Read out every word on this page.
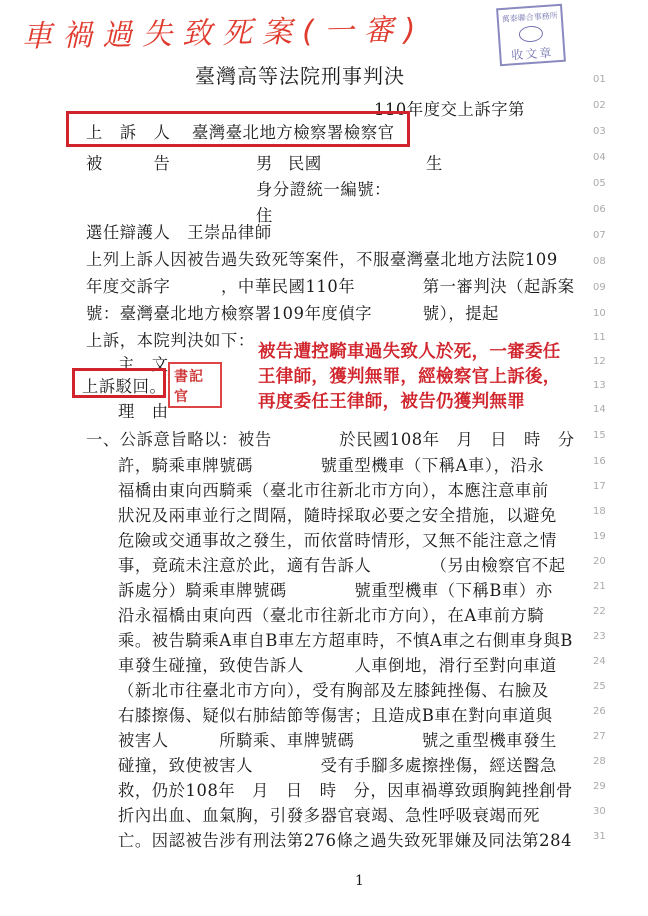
車禍過失致死案(一審)	萬泰聯合事務所
收文章
臺灣高等法院刑事判決
110年度交上訴字第
上　訴　人 臺灣臺北地方檢察署檢察官
被　　　告	男 民國	生
身分證統一編號：
住
選任辯護人　王崇品律師
上列上訴人因被告過失致死等案件，不服臺灣臺北地方法院109
年度交訴字　　　，中華民國110年　　　　第一審判決（起訴案
號：臺灣臺北地方檢察署109年度偵字　　　號），提起
上訴，本院判決如下：
主　文
上訴駁回。 書記官
理　由
被告遭控騎車過失致人於死，一審委任
王律師，獲判無罪，經檢察官上訴後，
再度委任王律師，被告仍獲判無罪
一、公訴意旨略以：被告　　　　於民國108年　月　日　時　分
許，騎乘車牌號碼　　　　號重型機車（下稱A車），沿永
福橋由東向西騎乘（臺北市往新北市方向），本應注意車前
狀況及兩車並行之間隔，隨時採取必要之安全措施，以避免
危險或交通事故之發生，而依當時情形，又無不能注意之情
事，竟疏未注意於此，適有告訴人　　　　（另由檢察官不起
訴處分）騎乘車牌號碼　　　　號重型機車（下稱B車）亦
沿永福橋由東向西（臺北市往新北市方向），在A車前方騎
乘。被告騎乘A車自B車左方超車時，不慎A車之右側車身與B
車發生碰撞，致使告訴人　　　人車倒地，滑行至對向車道
（新北市往臺北市方向），受有胸部及左膝鈍挫傷、右臉及
右膝擦傷、疑似右肺結節等傷害；且造成B車在對向車道與
被害人　　　所騎乘、車牌號碼　　　　號之重型機車發生
碰撞，致使被害人　　　　受有手腳多處擦挫傷，經送醫急
救，仍於108年　月　日　時　分，因車禍導致頭胸鈍挫創骨
折內出血、血氣胸，引發多器官衰竭、急性呼吸衰竭而死
亡。因認被告涉有刑法第276條之過失致死罪嫌及同法第284
01
02
03
04
05
06
07
08
09
10
11
12
13
14
15
16
17
18
19
20
21
22
23
24
25
26
27
28
29
30
31
1
